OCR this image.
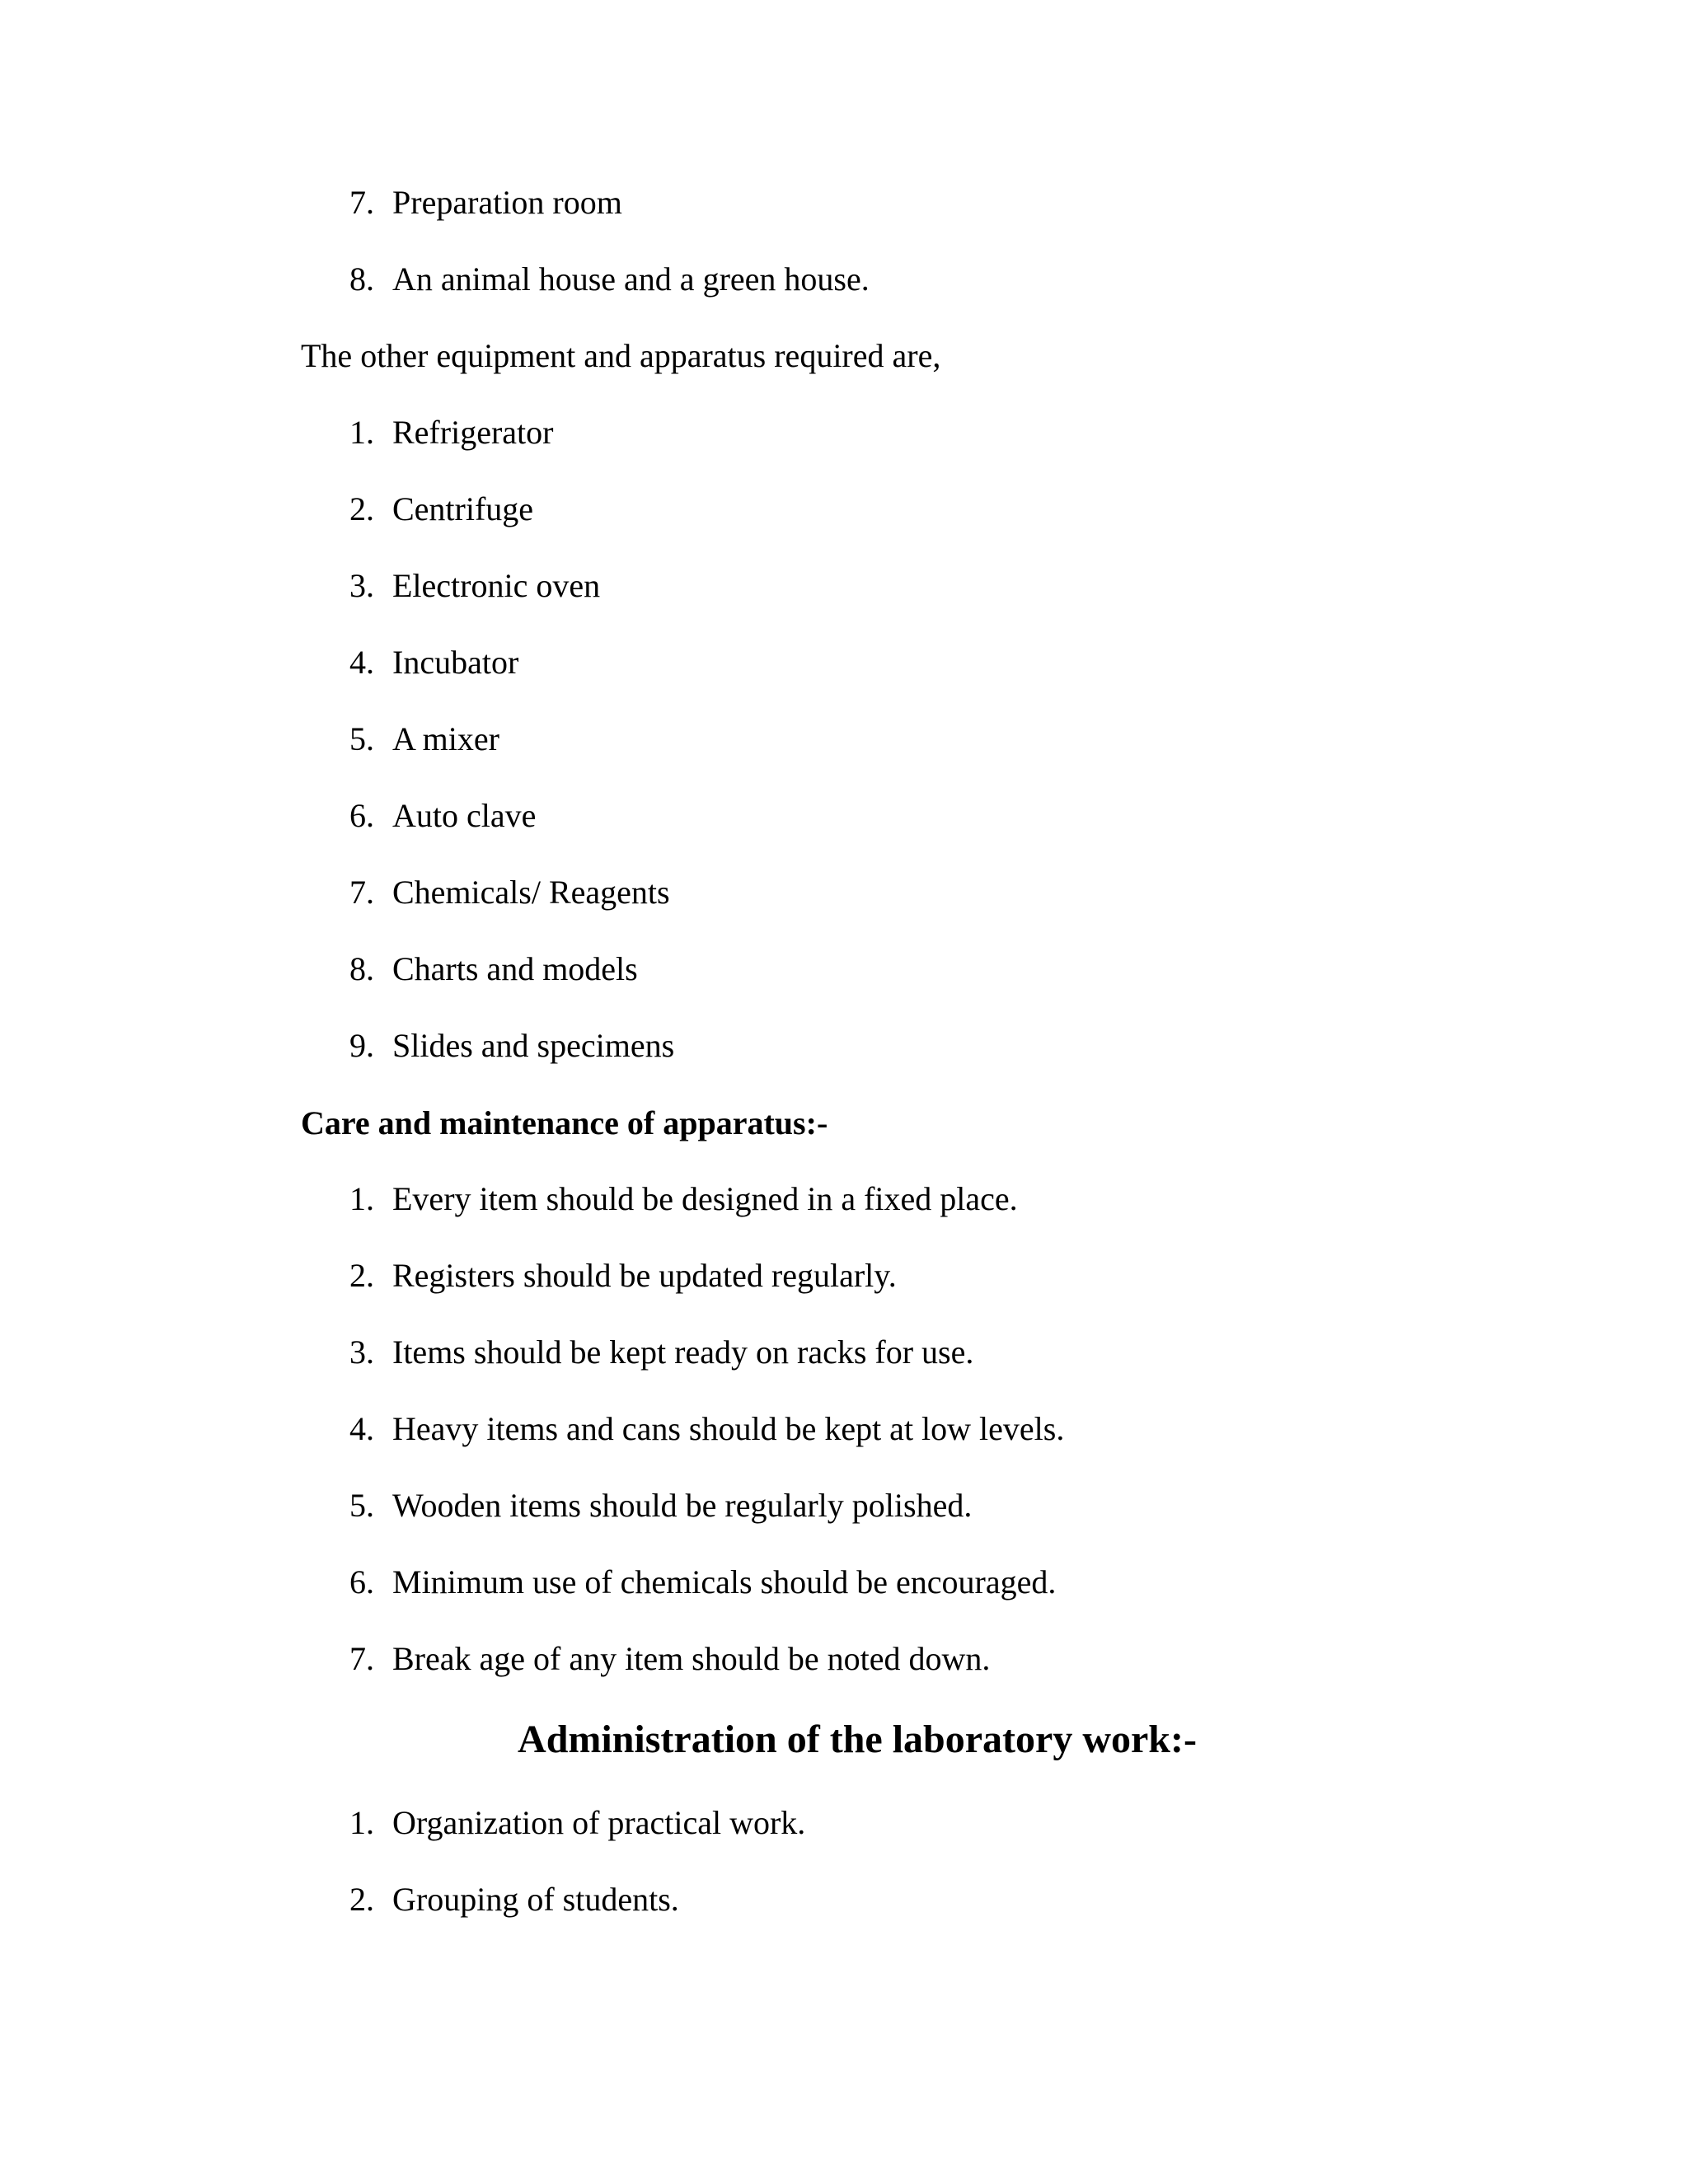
7. Preparation room
8. An animal house and a green house.
The other equipment and apparatus required are,
1. Refrigerator
2. Centrifuge
3. Electronic oven
4. Incubator
5. A mixer
6. Auto clave
7. Chemicals/ Reagents
8. Charts and models
9. Slides and specimens
Care and maintenance of apparatus:-
1. Every item should be designed in a fixed place.
2. Registers should be updated regularly.
3. Items should be kept ready on racks for use.
4. Heavy items and cans should be kept at low levels.
5. Wooden items should be regularly polished.
6. Minimum use of chemicals should be encouraged.
7. Break age of any item should be noted down.
Administration of the laboratory work:-
1. Organization of practical work.
2. Grouping of students.
